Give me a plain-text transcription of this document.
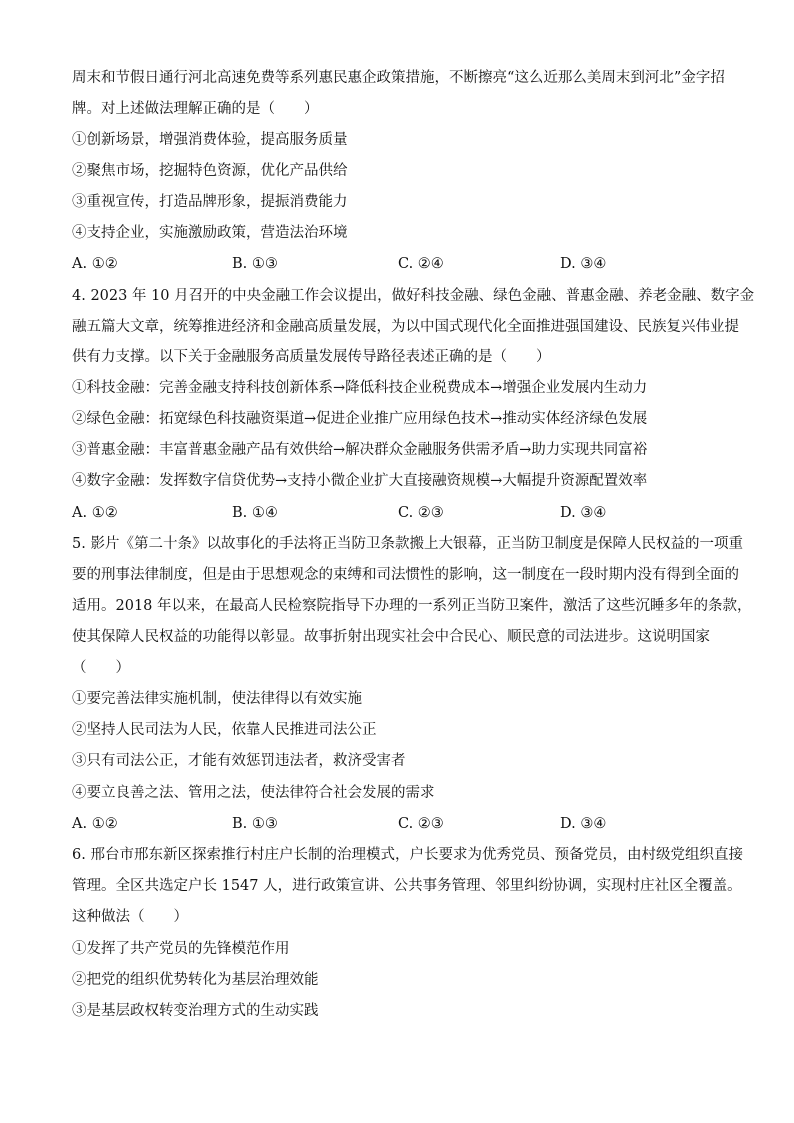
周末和节假日通行河北高速免费等系列惠民惠企政策措施，不断擦亮“这么近那么美周末到河北”金字招
牌。对上述做法理解正确的是（　　）
①创新场景，增强消费体验，提高服务质量
②聚焦市场，挖掘特色资源，优化产品供给
③重视宣传，打造品牌形象，提振消费能力
④支持企业，实施激励政策，营造法治环境
A. ①②	B. ①③	C. ②④	D. ③④
4. 2023 年 10 月召开的中央金融工作会议提出，做好科技金融、绿色金融、普惠金融、养老金融、数字金
融五篇大文章，统筹推进经济和金融高质量发展，为以中国式现代化全面推进强国建设、民族复兴伟业提
供有力支撑。以下关于金融服务高质量发展传导路径表述正确的是（　　）
①科技金融：完善金融支持科技创新体系→降低科技企业税费成本→增强企业发展内生动力
②绿色金融：拓宽绿色科技融资渠道→促进企业推广应用绿色技术→推动实体经济绿色发展
③普惠金融：丰富普惠金融产品有效供给→解决群众金融服务供需矛盾→助力实现共同富裕
④数字金融：发挥数字信贷优势→支持小微企业扩大直接融资规模→大幅提升资源配置效率
A. ①②	B. ①④	C. ②③	D. ③④
5. 影片《第二十条》以故事化的手法将正当防卫条款搬上大银幕，正当防卫制度是保障人民权益的一项重
要的刑事法律制度，但是由于思想观念的束缚和司法惯性的影响，这一制度在一段时期内没有得到全面的
适用。2018 年以来，在最高人民检察院指导下办理的一系列正当防卫案件，激活了这些沉睡多年的条款，
使其保障人民权益的功能得以彰显。故事折射出现实社会中合民心、顺民意的司法进步。这说明国家
（　　）
①要完善法律实施机制，使法律得以有效实施
②坚持人民司法为人民，依靠人民推进司法公正
③只有司法公正，才能有效惩罚违法者，救济受害者
④要立良善之法、管用之法，使法律符合社会发展的需求
A. ①②	B. ①③	C. ②③	D. ③④
6. 邢台市邢东新区探索推行村庄户长制的治理模式，户长要求为优秀党员、预备党员，由村级党组织直接
管理。全区共选定户长 1547 人，进行政策宣讲、公共事务管理、邻里纠纷协调，实现村庄社区全覆盖。
这种做法（　　）
①发挥了共产党员的先锋模范作用
②把党的组织优势转化为基层治理效能
③是基层政权转变治理方式的生动实践
